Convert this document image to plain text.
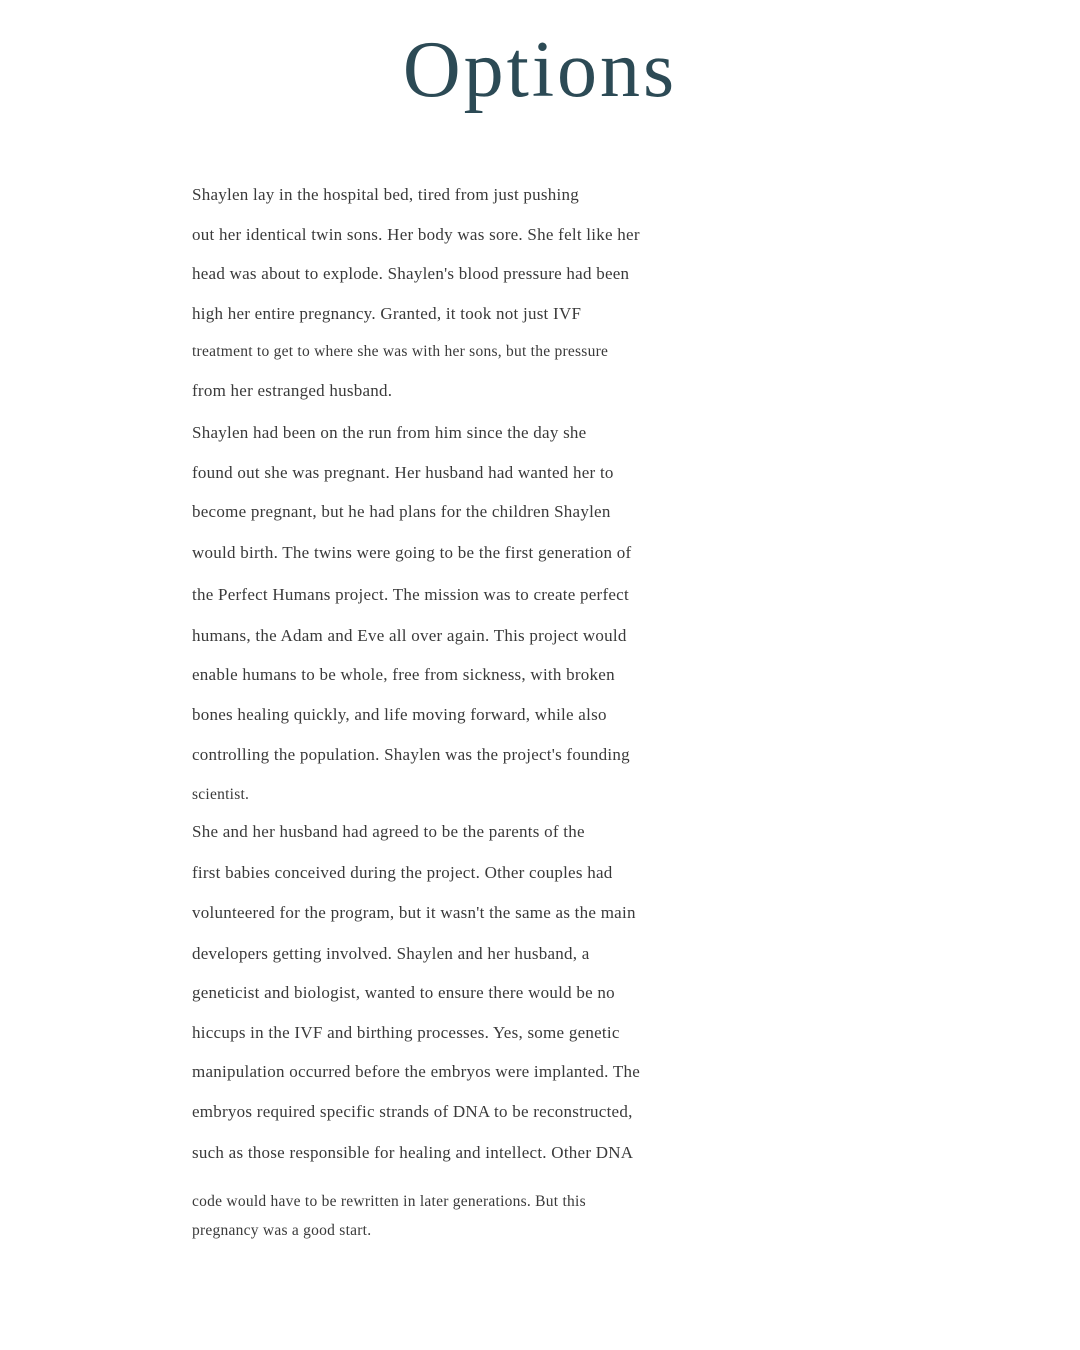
Options
Shaylen lay in the hospital bed, tired from just pushing
out her identical twin sons. Her body was sore. She felt like her
head was about to explode. Shaylen's blood pressure had been
high her entire pregnancy. Granted, it took not just IVF
treatment to get to where she was with her sons, but the pressure
from her estranged husband.
Shaylen had been on the run from him since the day she
found out she was pregnant. Her husband had wanted her to
become pregnant, but he had plans for the children Shaylen
would birth. The twins were going to be the first generation of
the Perfect Humans project. The mission was to create perfect
humans, the Adam and Eve all over again. This project would
enable humans to be whole, free from sickness, with broken
bones healing quickly, and life moving forward, while also
controlling the population. Shaylen was the project's founding
scientist.
She and her husband had agreed to be the parents of the
first babies conceived during the project. Other couples had
volunteered for the program, but it wasn't the same as the main
developers getting involved. Shaylen and her husband, a
geneticist and biologist, wanted to ensure there would be no
hiccups in the IVF and birthing processes. Yes, some genetic
manipulation occurred before the embryos were implanted. The
embryos required specific strands of DNA to be reconstructed,
such as those responsible for healing and intellect. Other DNA
code would have to be rewritten in later generations. But this
pregnancy was a good start.
